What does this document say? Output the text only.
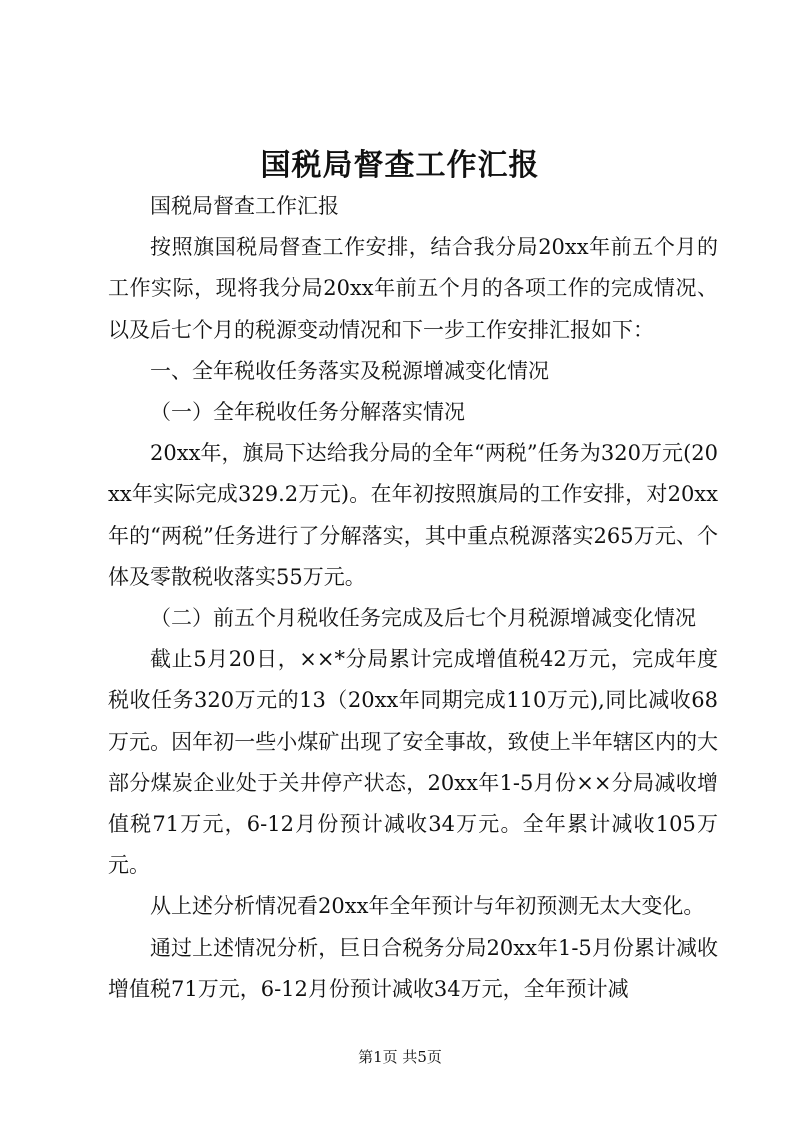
国税局督查工作汇报

国税局督查工作汇报

按照旗国税局督查工作安排，结合我分局20xx年前五个月的工作实际，现将我分局20xx年前五个月的各项工作的完成情况、以及后七个月的税源变动情况和下一步工作安排汇报如下：

一、全年税收任务落实及税源增减变化情况

（一）全年税收任务分解落实情况

20xx年，旗局下达给我分局的全年“两税”任务为320万元(20xx年实际完成329.2万元)。在年初按照旗局的工作安排，对20xx年的“两税”任务进行了分解落实，其中重点税源落实265万元、个体及零散税收落实55万元。

（二）前五个月税收任务完成及后七个月税源增减变化情况

截止5月20日，××*分局累计完成增值税42万元，完成年度税收任务320万元的13（20xx年同期完成110万元),同比减收68万元。因年初一些小煤矿出现了安全事故，致使上半年辖区内的大部分煤炭企业处于关井停产状态，20xx年1-5月份××分局减收增值税71万元，6-12月份预计减收34万元。全年累计减收105万元。

从上述分析情况看20xx年全年预计与年初预测无太大变化。

通过上述情况分析，巨日合税务分局20xx年1-5月份累计减收增值税71万元，6-12月份预计减收34万元，全年预计减

第1页 共5页
